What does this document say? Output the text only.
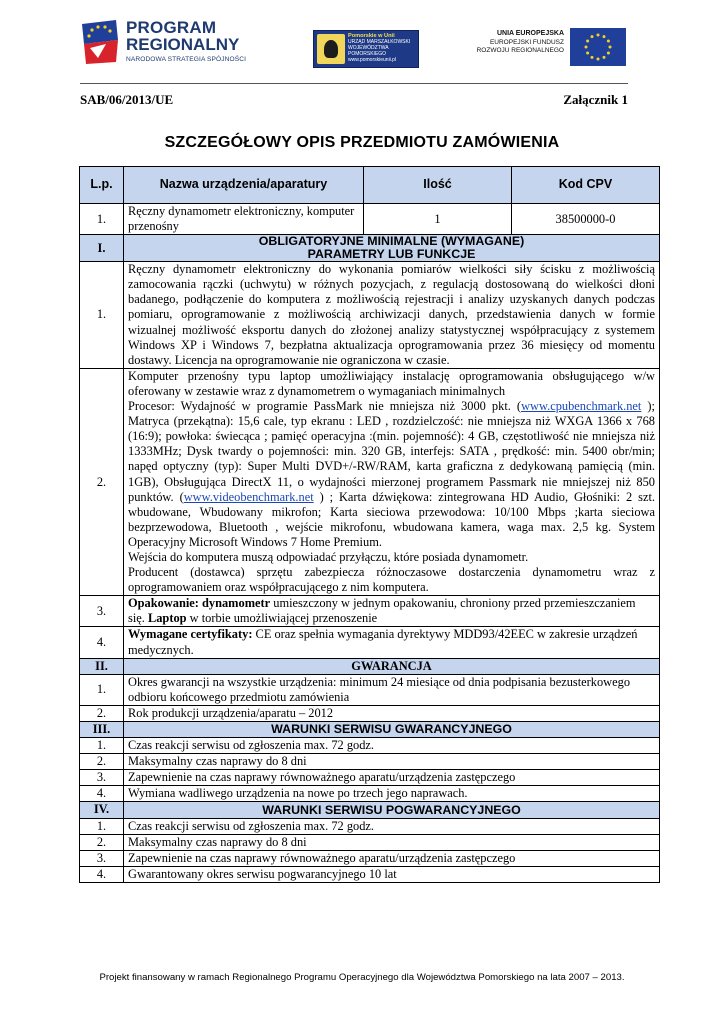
PROGRAM
REGIONALNY
NARODOWA STRATEGIA SPÓJNOŚCI
Pomorskie w Unii
URZĄD MARSZAŁKOWSKI
WOJEWÓDZTWA POMORSKIEGO
www.pomorskieunii.pl
UNIA EUROPEJSKA
EUROPEJSKI FUNDUSZ
ROZWOJU REGIONALNEGO
SAB/06/2013/UE	Załącznik 1
SZCZEGÓŁOWY OPIS PRZEDMIOTU ZAMÓWIENIA
L.p.	Nazwa urządzenia/aparatury	Ilość	Kod CPV
1.	Ręczny dynamometr elektroniczny, komputer przenośny	1	38500000-0
I.	OBLIGATORYJNE MINIMALNE (WYMAGANE)
PARAMETRY LUB FUNKCJE		
1.	Ręczny dynamometr elektroniczny do wykonania pomiarów wielkości siły ścisku z możliwością zamocowania rączki (uchwytu) w różnych pozycjach, z regulacją dostosowaną do wielkości dłoni badanego, podłączenie do komputera z możliwością rejestracji i analizy uzyskanych danych podczas pomiaru, oprogramowanie z możliwością archiwizacji danych, przedstawienia danych w formie wizualnej możliwość eksportu danych do złożonej analizy statystycznej współpracujący z systemem Windows XP i Windows 7, bezpłatna aktualizacja oprogramowania przez 36 miesięcy od momentu dostawy. Licencja na oprogramowanie nie ograniczona w czasie.		
2.	Komputer przenośny typu laptop umożliwiający instalację oprogramowania obsługującego w/w oferowany w zestawie wraz z dynamometrem o wymaganiach minimalnych
Procesor: Wydajność w programie PassMark nie mniejsza niż 3000 pkt. (www.cpubenchmark.net ); Matryca (przekątna): 15,6 cale, typ ekranu : LED , rozdzielczość: nie mniejsza niż WXGA 1366 x 768 (16:9); powłoka: świecąca ; pamięć operacyjna :(min. pojemność): 4 GB, częstotliwość nie mniejsza niż 1333MHz; Dysk twardy o pojemności: min. 320 GB, interfejs: SATA , prędkość: min. 5400 obr/min; napęd optyczny (typ): Super Multi DVD+/-RW/RAM, karta graficzna z dedykowaną pamięcią (min. 1GB), Obsługująca DirectX 11, o wydajności mierzonej programem Passmark nie mniejszej niż 850 punktów. (www.videobenchmark.net ) ; Karta dźwiękowa: zintegrowana HD Audio, Głośniki: 2 szt. wbudowane, Wbudowany mikrofon; Karta sieciowa przewodowa: 10/100 Mbps ;karta sieciowa bezprzewodowa, Bluetooth , wejście mikrofonu, wbudowana kamera, waga max. 2,5 kg. System Operacyjny Microsoft Windows 7 Home Premium.
Wejścia do komputera muszą odpowiadać przyłączu, które posiada dynamometr.
Producent (dostawca) sprzętu zabezpiecza różnoczasowe dostarczenia dynamometru wraz z oprogramowaniem oraz współpracującego z nim komputera.		
3.	Opakowanie: dynamometr umieszczony w jednym opakowaniu, chroniony przed przemieszczaniem się. Laptop w torbie umożliwiającej przenoszenie		
4.	Wymagane certyfikaty: CE oraz spełnia wymagania dyrektywy MDD93/42EEC w zakresie urządzeń medycznych.		
II.	GWARANCJA		
1.	Okres gwarancji na wszystkie urządzenia: minimum 24 miesiące od dnia podpisania bezusterkowego odbioru końcowego przedmiotu zamówienia		
2.	Rok produkcji urządzenia/aparatu – 2012		
III.	WARUNKI SERWISU GWARANCYJNEGO		
1.	Czas reakcji serwisu od zgłoszenia max. 72 godz.		
2.	Maksymalny czas naprawy do 8 dni		
3.	Zapewnienie na czas naprawy równoważnego aparatu/urządzenia zastępczego		
4.	Wymiana wadliwego urządzenia na nowe po trzech jego naprawach.		
IV.	WARUNKI SERWISU POGWARANCYJNEGO		
1.	Czas reakcji serwisu od zgłoszenia max. 72 godz.		
2.	Maksymalny czas naprawy do 8 dni		
3.	Zapewnienie na czas naprawy równoważnego aparatu/urządzenia zastępczego		
4.	Gwarantowany okres serwisu pogwarancyjnego 10 lat		
Projekt finansowany w ramach Regionalnego Programu Operacyjnego dla Województwa Pomorskiego na lata 2007 – 2013.
